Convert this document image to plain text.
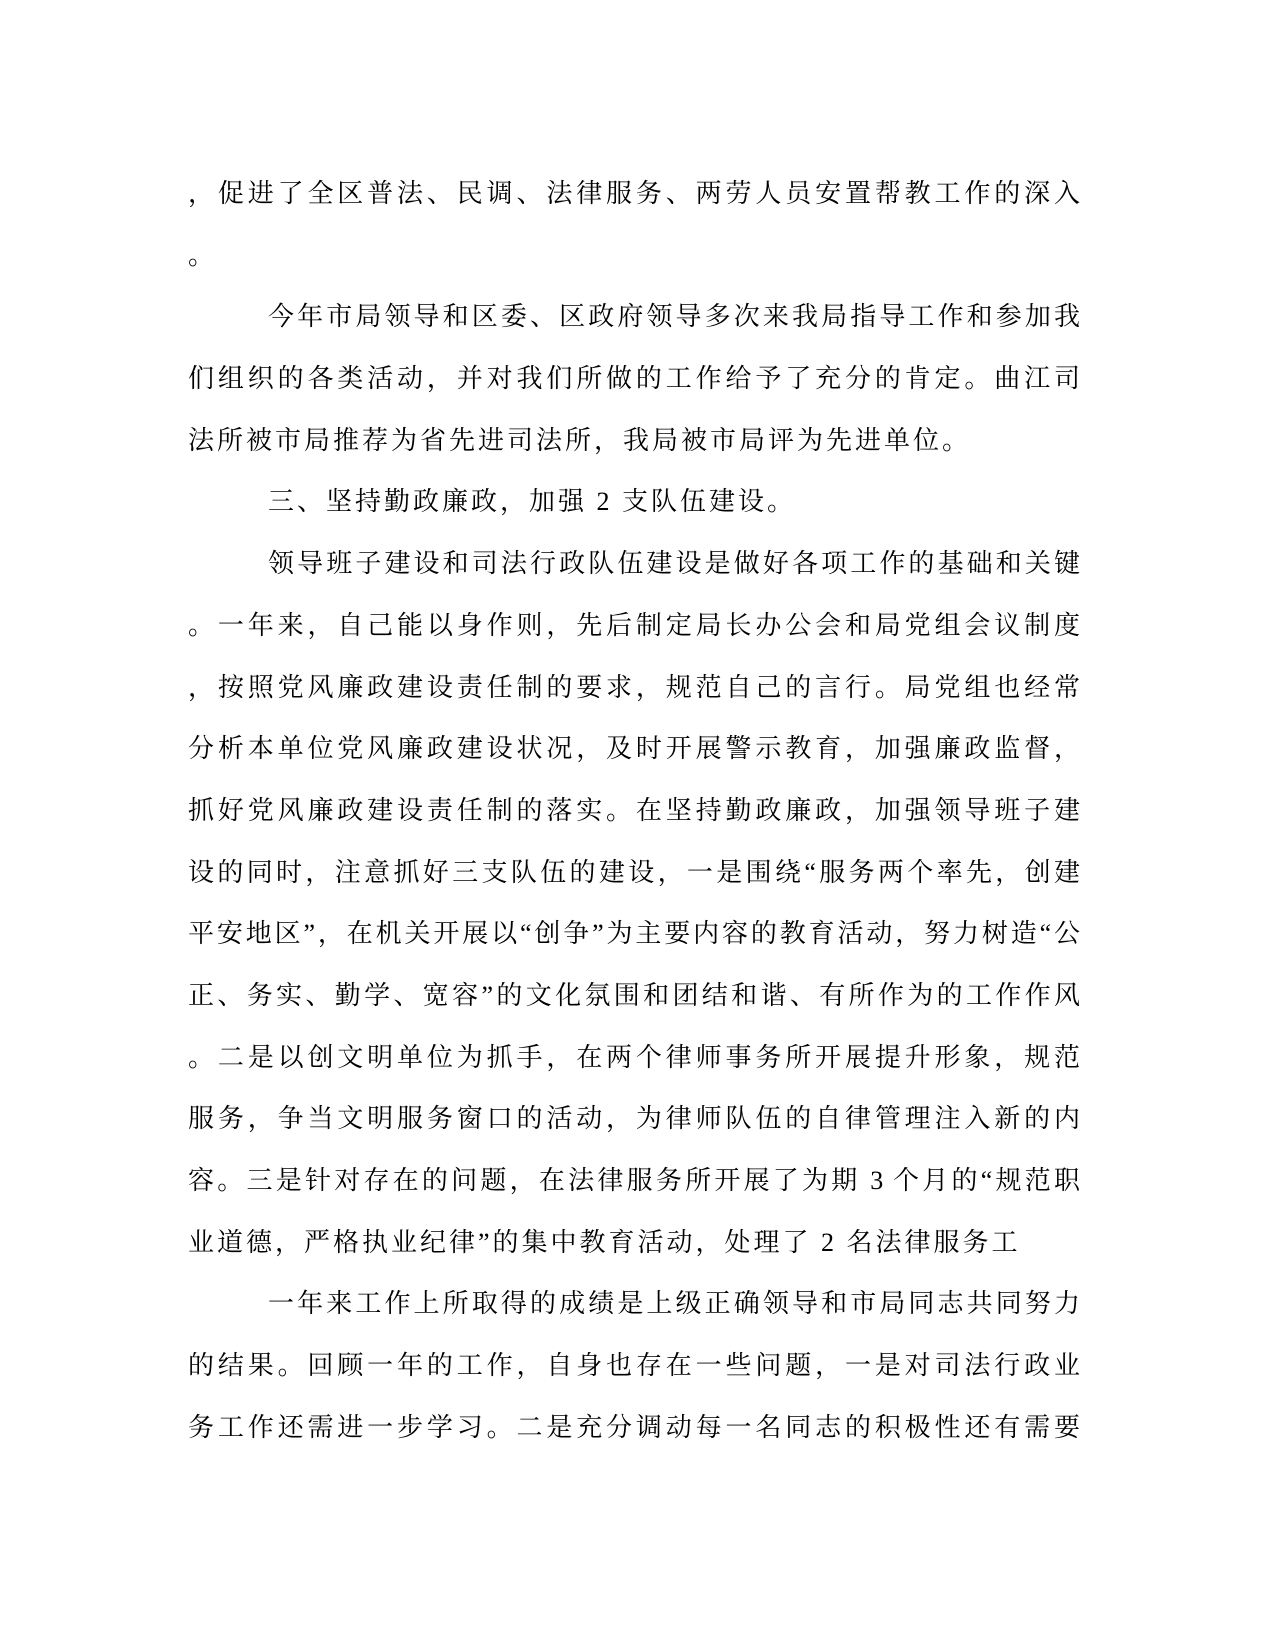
，促进了全区普法、民调、法律服务、两劳人员安置帮教工作的深入
。
今年市局领导和区委、区政府领导多次来我局指导工作和参加我
们组织的各类活动，并对我们所做的工作给予了充分的肯定。曲江司
法所被市局推荐为省先进司法所，我局被市局评为先进单位。
三、坚持勤政廉政，加强 2 支队伍建设。
领导班子建设和司法行政队伍建设是做好各项工作的基础和关键
。一年来，自己能以身作则，先后制定局长办公会和局党组会议制度
，按照党风廉政建设责任制的要求，规范自己的言行。局党组也经常
分析本单位党风廉政建设状况，及时开展警示教育，加强廉政监督，
抓好党风廉政建设责任制的落实。在坚持勤政廉政，加强领导班子建
设的同时，注意抓好三支队伍的建设，一是围绕“服务两个率先，创建
平安地区”，在机关开展以“创争”为主要内容的教育活动，努力树造“公
正、务实、勤学、宽容”的文化氛围和团结和谐、有所作为的工作作风
。二是以创文明单位为抓手，在两个律师事务所开展提升形象，规范
服务，争当文明服务窗口的活动，为律师队伍的自律管理注入新的内
容。三是针对存在的问题，在法律服务所开展了为期 3 个月的“规范职
业道德，严格执业纪律”的集中教育活动，处理了 2 名法律服务工
一年来工作上所取得的成绩是上级正确领导和市局同志共同努力
的结果。回顾一年的工作，自身也存在一些问题，一是对司法行政业
务工作还需进一步学习。二是充分调动每一名同志的积极性还有需要
